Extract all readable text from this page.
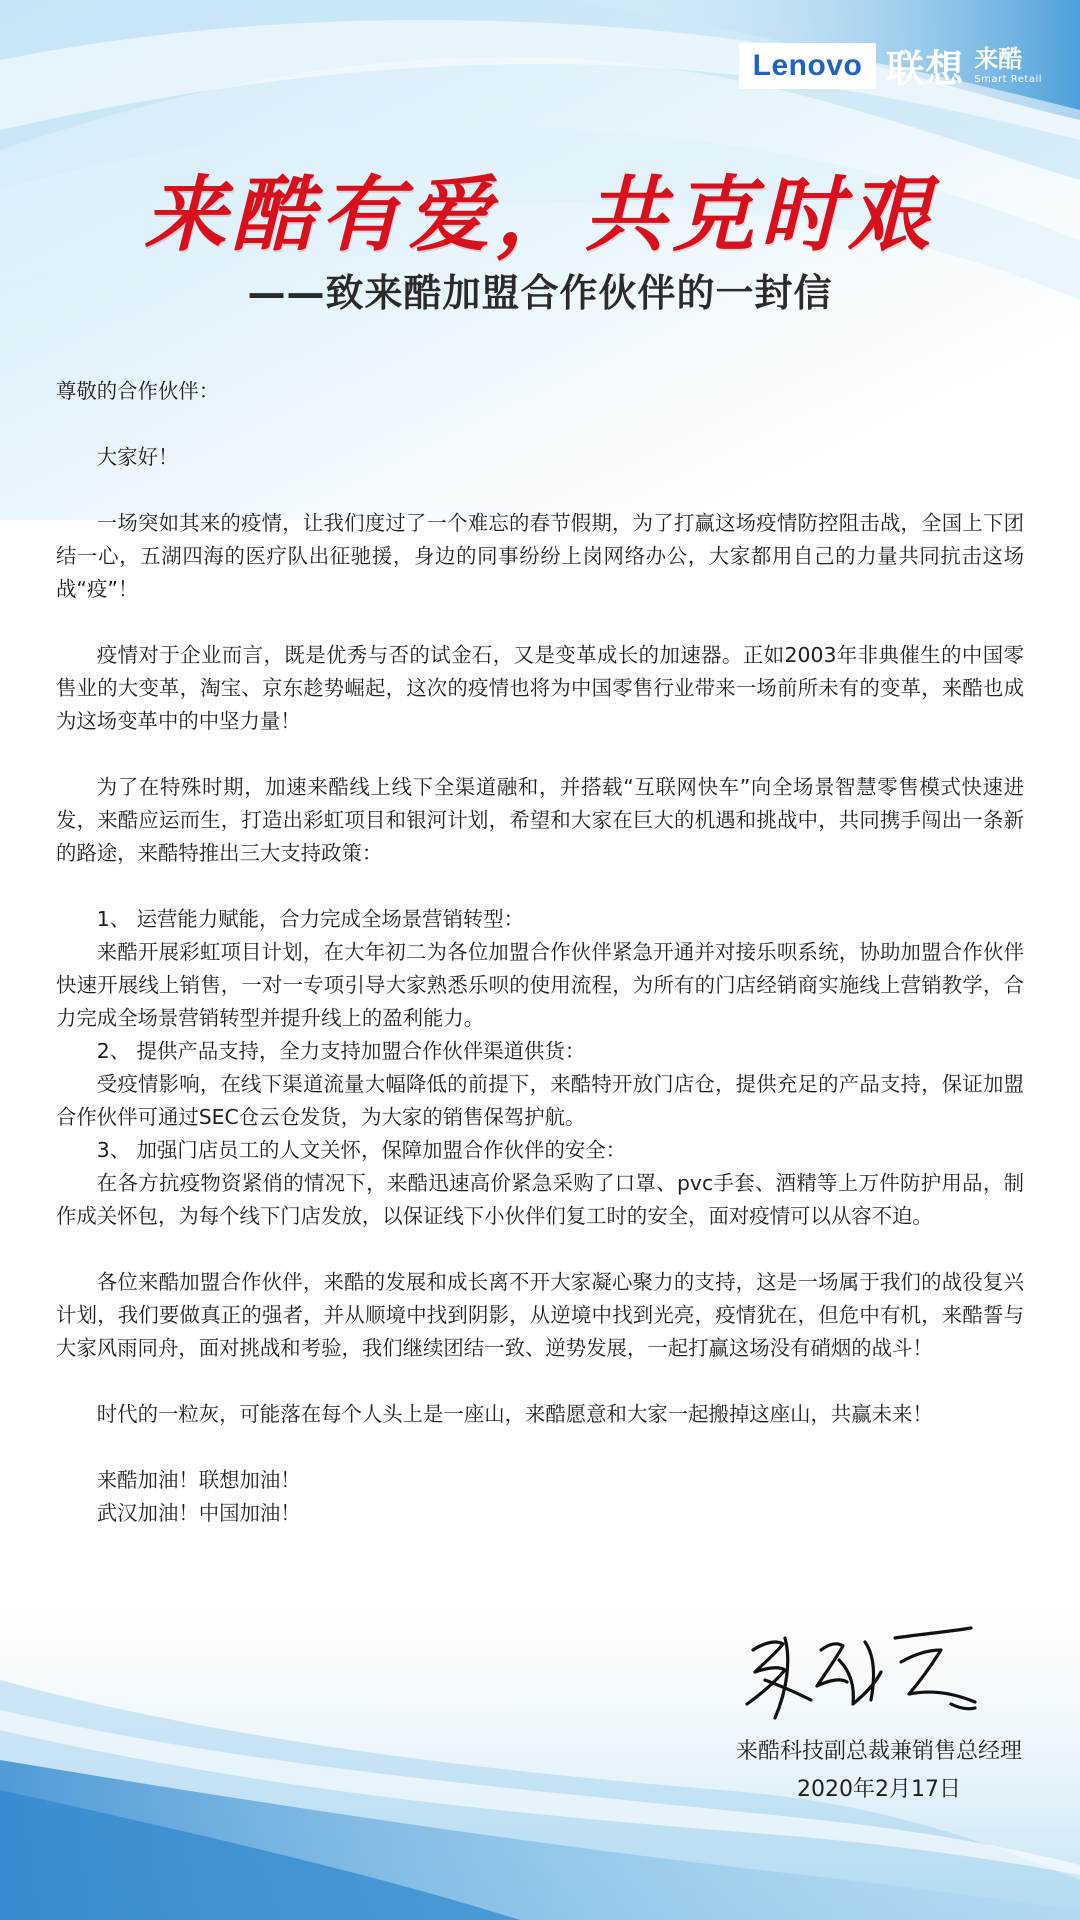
Lenovo 联想 来酷
Smart Retail
来酷有爱，共克时艰
——致来酷加盟合作伙伴的一封信

尊敬的合作伙伴：

大家好！

一场突如其来的疫情，让我们度过了一个难忘的春节假期，为了打赢这场疫情防控阻击战，全国上下团结一心，五湖四海的医疗队出征驰援，身边的同事纷纷上岗网络办公，大家都用自己的力量共同抗击这场战“疫”！

疫情对于企业而言，既是优秀与否的试金石，又是变革成长的加速器。正如2003年非典催生的中国零售业的大变革，淘宝、京东趁势崛起，这次的疫情也将为中国零售行业带来一场前所未有的变革，来酷也成为这场变革中的中坚力量！

为了在特殊时期，加速来酷线上线下全渠道融和，并搭载“互联网快车”向全场景智慧零售模式快速进发，来酷应运而生，打造出彩虹项目和银河计划，希望和大家在巨大的机遇和挑战中，共同携手闯出一条新的路途，来酷特推出三大支持政策：

1、 运营能力赋能，合力完成全场景营销转型：

来酷开展彩虹项目计划，在大年初二为各位加盟合作伙伴紧急开通并对接乐呗系统，协助加盟合作伙伴快速开展线上销售，一对一专项引导大家熟悉乐呗的使用流程，为所有的门店经销商实施线上营销教学，合力完成全场景营销转型并提升线上的盈利能力。

2、 提供产品支持，全力支持加盟合作伙伴渠道供货：

受疫情影响，在线下渠道流量大幅降低的前提下，来酷特开放门店仓，提供充足的产品支持，保证加盟合作伙伴可通过SEC仓云仓发货，为大家的销售保驾护航。

3、 加强门店员工的人文关怀，保障加盟合作伙伴的安全：

在各方抗疫物资紧俏的情况下，来酷迅速高价紧急采购了口罩、pvc手套、酒精等上万件防护用品，制作成关怀包，为每个线下门店发放，以保证线下小伙伴们复工时的安全，面对疫情可以从容不迫。

各位来酷加盟合作伙伴，来酷的发展和成长离不开大家凝心聚力的支持，这是一场属于我们的战役复兴计划，我们要做真正的强者，并从顺境中找到阴影，从逆境中找到光亮，疫情犹在，但危中有机，来酷誓与大家风雨同舟，面对挑战和考验，我们继续团结一致、逆势发展，一起打赢这场没有硝烟的战斗！

时代的一粒灰，可能落在每个人头上是一座山，来酷愿意和大家一起搬掉这座山，共赢未来！

来酷加油！联想加油！

武汉加油！中国加油！

来酷科技副总裁兼销售总经理

2020年2月17日
